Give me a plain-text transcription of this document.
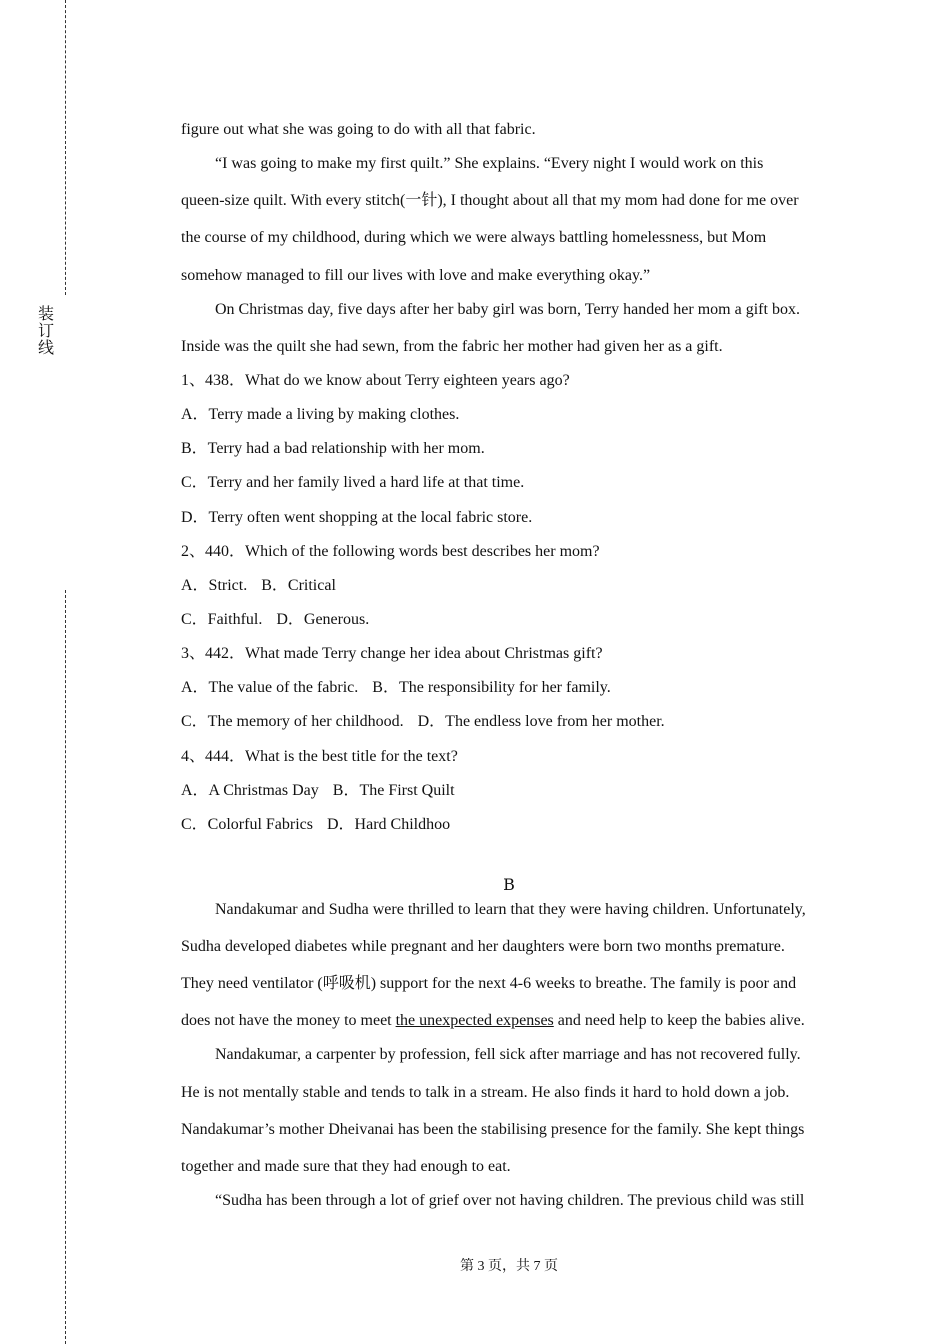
装
订
线
figure out what she was going to do with all that fabric.
“I was going to make my first quilt.” She explains. “Every night I would work on this
queen-size quilt. With every stitch(一针), I thought about all that my mom had done for me over
the course of my childhood, during which we were always battling homelessness, but Mom
somehow managed to fill our lives with love and make everything okay.”
On Christmas day, five days after her baby girl was born, Terry handed her mom a gift box.
Inside was the quilt she had sewn, from the fabric her mother had given her as a gift.
1、438．What do we know about Terry eighteen years ago?
A．Terry made a living by making clothes.
B．Terry had a bad relationship with her mom.
C．Terry and her family lived a hard life at that time.
D．Terry often went shopping at the local fabric store.
2、440．Which of the following words best describes her mom?
A．Strict. B．Critical
C．Faithful. D．Generous.
3、442．What made Terry change her idea about Christmas gift?
A．The value of the fabric. B．The responsibility for her family.
C．The memory of her childhood. D．The endless love from her mother.
4、444．What is the best title for the text?
A．A Christmas Day B．The First Quilt
C．Colorful Fabrics D．Hard Childhoo
B
Nandakumar and Sudha were thrilled to learn that they were having children. Unfortunately,
Sudha developed diabetes while pregnant and her daughters were born two months premature.
They need ventilator (呼吸机) support for the next 4-6 weeks to breathe. The family is poor and
does not have the money to meet the unexpected expenses and need help to keep the babies alive.
Nandakumar, a carpenter by profession, fell sick after marriage and has not recovered fully.
He is not mentally stable and tends to talk in a stream. He also finds it hard to hold down a job.
Nandakumar’s mother Dheivanai has been the stabilising presence for the family. She kept things
together and made sure that they had enough to eat.
“Sudha has been through a lot of grief over not having children. The previous child was still
第 3 页，共 7 页
